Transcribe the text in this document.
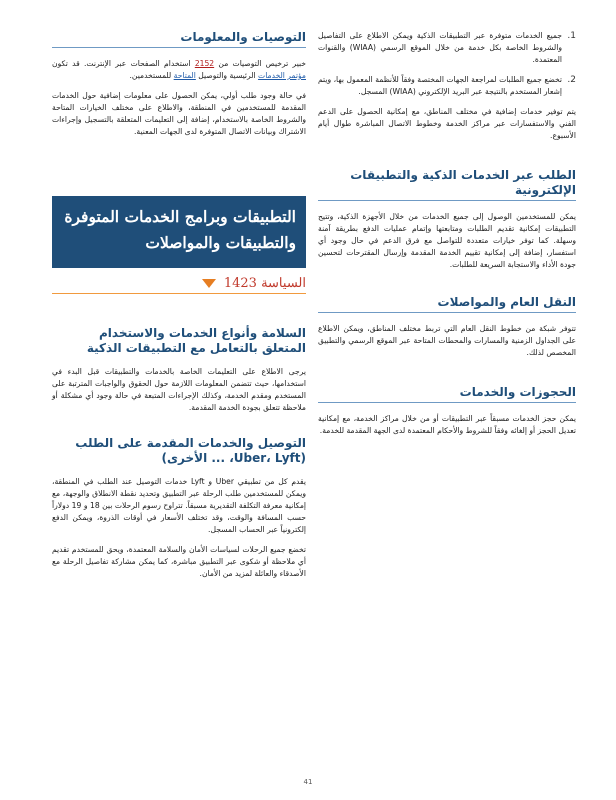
التوصيات والمعلومات

خبير ترخيص التوصيات من 2152 استخدام الصفحات عبر الإنترنت. قد تكون مؤتمر الخدمات الرئيسية والتوصيل المتاحة للمستخدمين.

في حالة وجود طلب أولي، يمكن الحصول على معلومات إضافية حول الخدمات المقدمة للمستخدمين في المنطقة، والاطلاع على مختلف الخيارات المتاحة والشروط الخاصة بالاستخدام، إضافة إلى التعليمات المتعلقة بالتسجيل وإجراءات الاشتراك وبيانات الاتصال المتوفرة لدى الجهات المعنية.

التطبيقات وبرامج الخدمات المتوفرة والتطبيقات والمواصلات
السياسة 1423
السلامة وأنواع الخدمات والاستخدام المتعلق بالتعامل مع التطبيقات الذكية

يرجى الاطلاع على التعليمات الخاصة بالخدمات والتطبيقات قبل البدء في استخدامها، حيث تتضمن المعلومات اللازمة حول الحقوق والواجبات المترتبة على المستخدم ومقدم الخدمة، وكذلك الإجراءات المتبعة في حالة وجود أي مشكلة أو ملاحظة تتعلق بجودة الخدمة المقدمة.

التوصيل والخدمات المقدمة على الطلب (Uber، Lyft، ... الأخرى)

يقدم كل من تطبيقي Uber و Lyft خدمات التوصيل عند الطلب في المنطقة، ويمكن للمستخدمين طلب الرحلة عبر التطبيق وتحديد نقطة الانطلاق والوجهة، مع إمكانية معرفة التكلفة التقديرية مسبقاً. تتراوح رسوم الرحلات بين 18 و 19 دولاراً حسب المسافة والوقت، وقد تختلف الأسعار في أوقات الذروة، ويمكن الدفع إلكترونياً عبر الحساب المسجل.

تخضع جميع الرحلات لسياسات الأمان والسلامة المعتمدة، ويحق للمستخدم تقديم أي ملاحظة أو شكوى عبر التطبيق مباشرة، كما يمكن مشاركة تفاصيل الرحلة مع الأصدقاء والعائلة لمزيد من الأمان.

1.
جميع الخدمات متوفرة عبر التطبيقات الذكية ويمكن الاطلاع على التفاصيل والشروط الخاصة بكل خدمة من خلال الموقع الرسمي (WIAA) والقنوات المعتمدة.
2.
تخضع جميع الطلبات لمراجعة الجهات المختصة وفقاً للأنظمة المعمول بها، ويتم إشعار المستخدم بالنتيجة عبر البريد الإلكتروني (WIAA) المسجل.

يتم توفير خدمات إضافية في مختلف المناطق، مع إمكانية الحصول على الدعم الفني والاستفسارات عبر مراكز الخدمة وخطوط الاتصال المباشرة طوال أيام الأسبوع.

الطلب عبر الخدمات الذكية والتطبيقات الإلكترونية

يمكن للمستخدمين الوصول إلى جميع الخدمات من خلال الأجهزة الذكية، وتتيح التطبيقات إمكانية تقديم الطلبات ومتابعتها وإتمام عمليات الدفع بطريقة آمنة وسهلة. كما توفر خيارات متعددة للتواصل مع فرق الدعم في حال وجود أي استفسار، إضافة إلى إمكانية تقييم الخدمة المقدمة وإرسال المقترحات لتحسين جودة الأداء والاستجابة السريعة للطلبات.

النقل العام والمواصلات

تتوفر شبكة من خطوط النقل العام التي تربط مختلف المناطق، ويمكن الاطلاع على الجداول الزمنية والمسارات والمحطات المتاحة عبر الموقع الرسمي والتطبيق المخصص لذلك.

الحجوزات والخدمات

يمكن حجز الخدمات مسبقاً عبر التطبيقات أو من خلال مراكز الخدمة، مع إمكانية تعديل الحجز أو إلغائه وفقاً للشروط والأحكام المعتمدة لدى الجهة المقدمة للخدمة.

41
